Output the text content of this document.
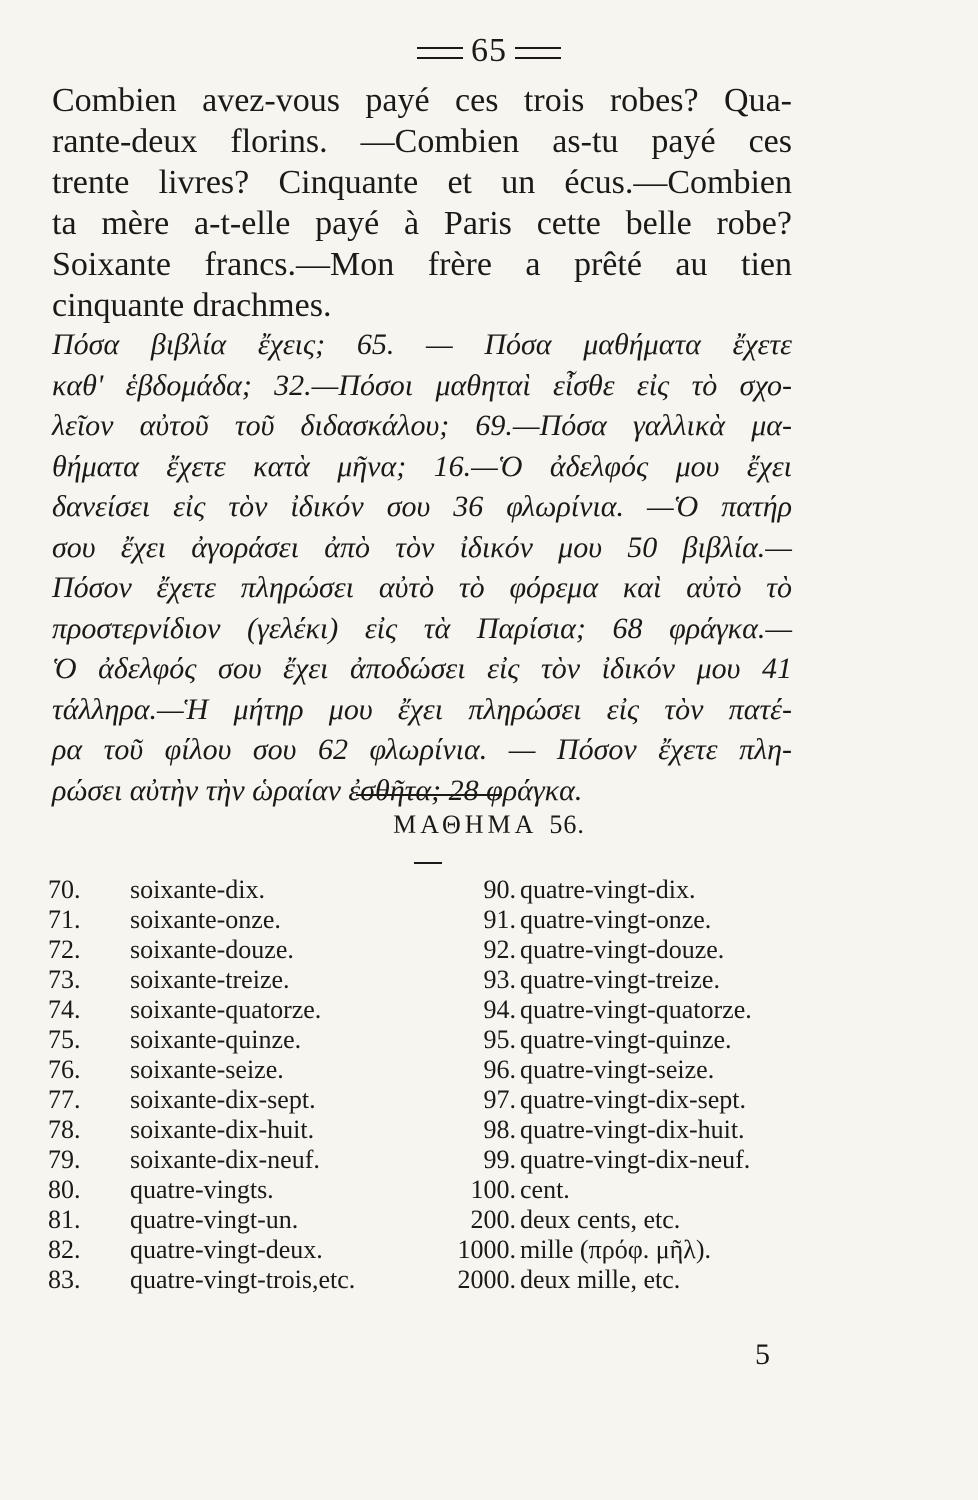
65
Combien avez-vous payé ces trois robes? Qua-
rante-deux florins. —Combien as-tu payé ces
trente livres? Cinquante et un écus.—Combien
ta mère a-t-elle payé à Paris cette belle robe?
Soixante francs.—Mon frère a prêté au tien
cinquante drachmes.
Πόσα βιβλία ἔχεις; 65. — Πόσα μαθήματα ἔχετε
καθ' ἑβδομάδα; 32.—Πόσοι μαθηταὶ εἶσθε εἰς τὸ σχο-
λεῖον αὐτοῦ τοῦ διδασκάλου; 69.—Πόσα γαλλικὰ μα-
θήματα ἔχετε κατὰ μῆνα; 16.—Ὁ ἀδελφός μου ἔχει
δανείσει εἰς τὸν ἰδικόν σου 36 φλωρίνια. —Ὁ πατήρ
σου ἔχει ἀγοράσει ἀπὸ τὸν ἰδικόν μου 50 βιβλία.—
Πόσον ἔχετε πληρώσει αὐτὸ τὸ φόρεμα καὶ αὐτὸ τὸ
προστερνίδιον (γελέκι) εἰς τὰ Παρίσια; 68 φράγκα.—
Ὁ ἀδελφός σου ἔχει ἀποδώσει εἰς τὸν ἰδικόν μου 41
τάλληρα.—Ἡ μήτηρ μου ἔχει πληρώσει εἰς τὸν πατέ-
ρα τοῦ φίλου σου 62 φλωρίνια. — Πόσον ἔχετε πλη-
ρώσει αὐτὴν τὴν ὡραίαν ἐσθῆτα; 28 φράγκα.
ΜΑΘΗΜΑ 56.
70.	soixante-dix.	90. quatre-vingt-dix.
71.	soixante-onze.	91. quatre-vingt-onze.
72.	soixante-douze.	92. quatre-vingt-douze.
73.	soixante-treize.	93. quatre-vingt-treize.
74.	soixante-quatorze.	94. quatre-vingt-quatorze.
75.	soixante-quinze.	95. quatre-vingt-quinze.
76.	soixante-seize.	96. quatre-vingt-seize.
77.	soixante-dix-sept.	97. quatre-vingt-dix-sept.
78.	soixante-dix-huit.	98. quatre-vingt-dix-huit.
79.	soixante-dix-neuf.	99. quatre-vingt-dix-neuf.
80.	quatre-vingts.	100. cent.
81.	quatre-vingt-un.	200. deux cents, etc.
82.	quatre-vingt-deux.	1000. mille (πρόφ. μῆλ).
83.	quatre-vingt-trois,etc.	2000. deux mille, etc.
5
